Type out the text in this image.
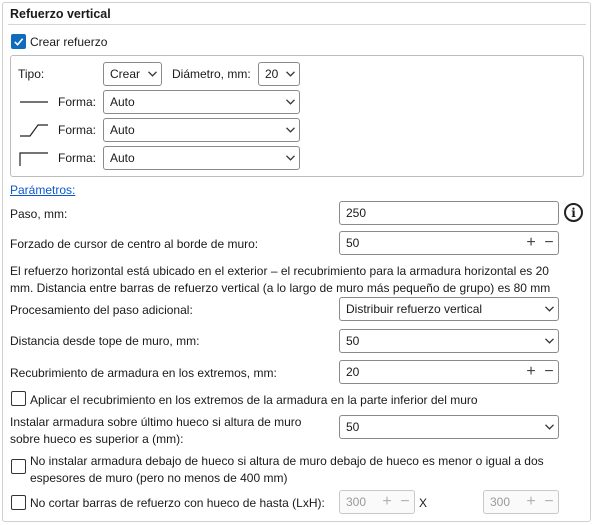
Refuerzo vertical
Crear refuerzo
Tipo:	Crear	Diámetro, mm: 20
Forma: Auto
Forma: Auto
Forma: Auto
Parámetros:
Paso, mm:	250	i
Forzado de cursor de centro al borde de muro:	50	+ −
El refuerzo horizontal está ubicado en el exterior – el recubrimiento para la armadura horizontal es 20
mm. Distancia entre barras de refuerzo vertical (a lo largo de muro más pequeño de grupo) es 80 mm
Procesamiento del paso adicional:	Distribuir refuerzo vertical
Distancia desde tope de muro, mm:	50
Recubrimiento de armadura en los extremos, mm:	20	+ −
Aplicar el recubrimiento en los extremos de la armadura en la parte inferior del muro
Instalar armadura sobre último hueco si altura de muro
sobre hueco es superior a (mm):
50
No instalar armadura debajo de hueco si altura de muro debajo de hueco es menor o igual a dos
espesores de muro (pero no menos de 400 mm)
No cortar barras de refuerzo con hueco de hasta (LxH): 300	+ − X	300	+ −
